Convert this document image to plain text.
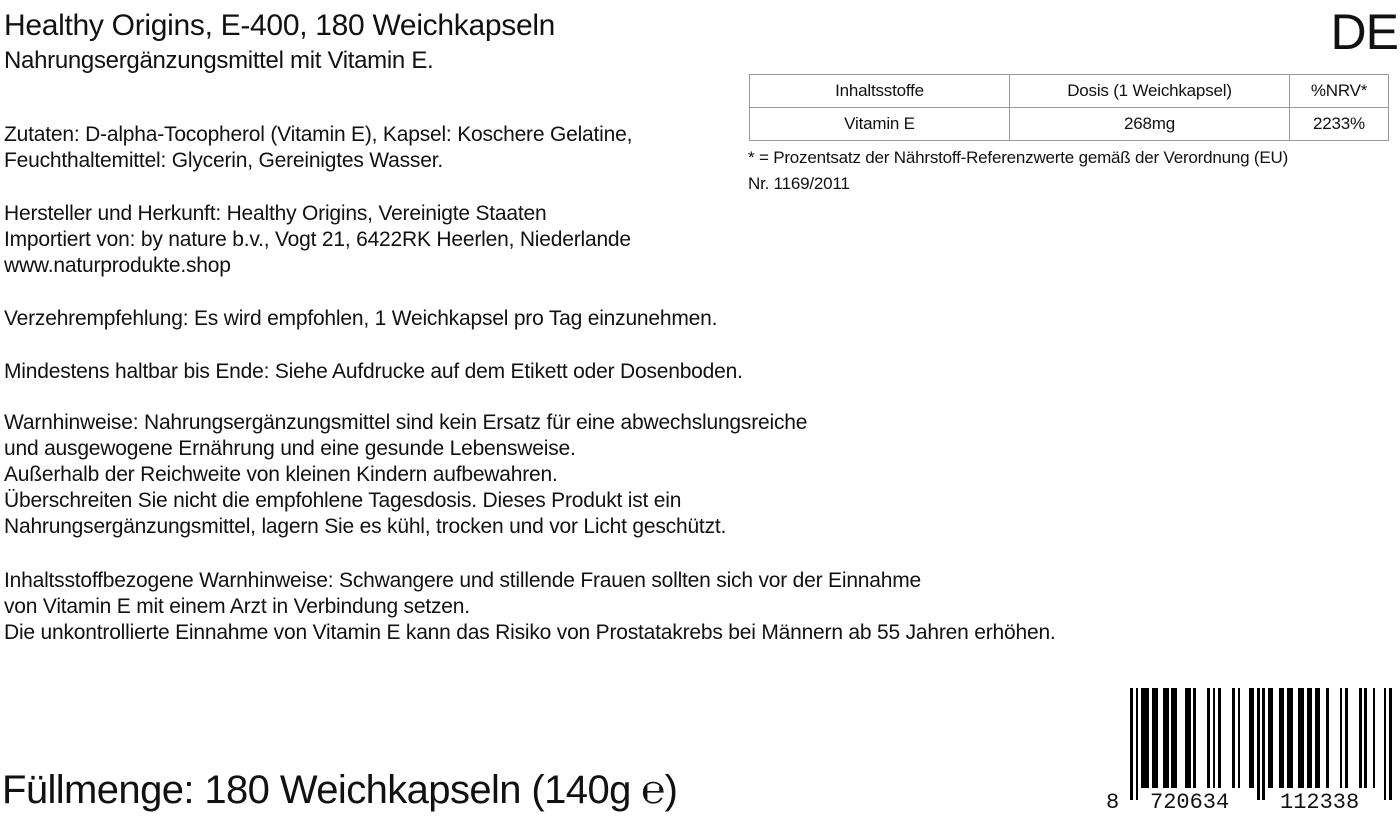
Healthy Origins, E-400, 180 Weichkapseln
Nahrungsergänzungsmittel mit Vitamin E.
DE
Zutaten: D-alpha-Tocopherol (Vitamin E), Kapsel: Koschere Gelatine,
Feuchthaltemittel: Glycerin, Gereinigtes Wasser.
Hersteller und Herkunft: Healthy Origins, Vereinigte Staaten
Importiert von: by nature b.v., Vogt 21, 6422RK Heerlen, Niederlande
www.naturprodukte.shop
Verzehrempfehlung: Es wird empfohlen, 1 Weichkapsel pro Tag einzunehmen.
Mindestens haltbar bis Ende: Siehe Aufdrucke auf dem Etikett oder Dosenboden.
Warnhinweise: Nahrungsergänzungsmittel sind kein Ersatz für eine abwechslungsreiche
und ausgewogene Ernährung und eine gesunde Lebensweise.
Außerhalb der Reichweite von kleinen Kindern aufbewahren.
Überschreiten Sie nicht die empfohlene Tagesdosis. Dieses Produkt ist ein
Nahrungsergänzungsmittel, lagern Sie es kühl, trocken und vor Licht geschützt.
Inhaltsstoffbezogene Warnhinweise: Schwangere und stillende Frauen sollten sich vor der Einnahme
von Vitamin E mit einem Arzt in Verbindung setzen.
Die unkontrollierte Einnahme von Vitamin E kann das Risiko von Prostatakrebs bei Männern ab 55 Jahren erhöhen.
Inhaltsstoffe	Dosis (1 Weichkapsel)	%NRV*
Vitamin E	268mg	2233%
* = Prozentsatz der Nährstoff-Referenzwerte gemäß der Verordnung (EU)
Nr. 1169/2011
Füllmenge: 180 Weichkapseln (140g ℮)	8 720634 112338
